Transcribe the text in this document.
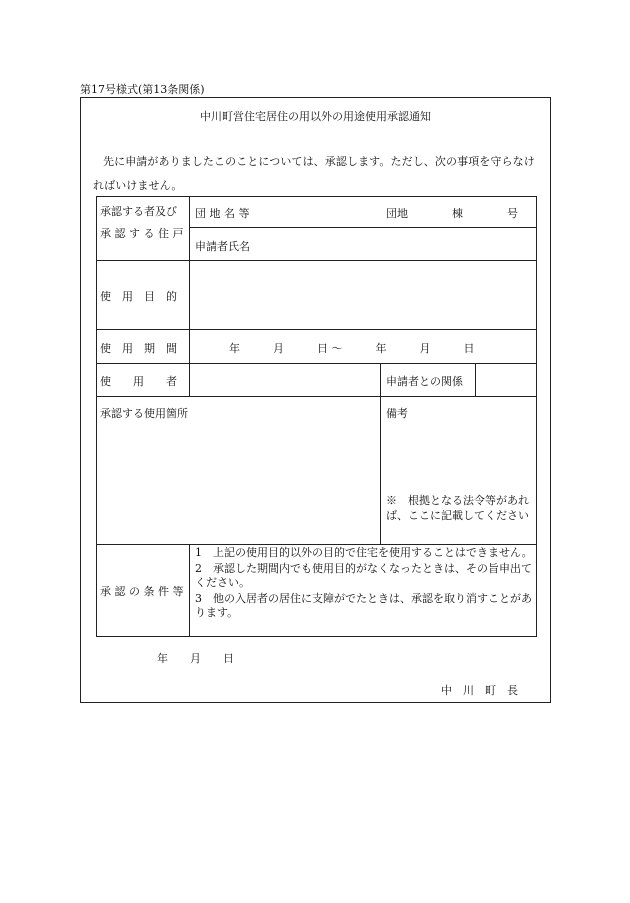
第17号様式(第13条関係)
中川町営住宅居住の用以外の用途使用承認通知
先に申請がありましたこのことについては、承認します。ただし、次の事項を守らなければいけません。
承認する者及び
承 認 す る 住 戸
団 地 名 等	団地　　　　棟　　　　号
申請者氏名
使　用　目　的
使　用　期　間	年　　　月　　　日 〜　　　年　　　月　　　日
使　　用　　者	申請者との関係
承認する使用箇所	備考
※　根拠となる法令等があれば、ここに記載してください
承 認 の 条 件 等
1　上記の使用目的以外の目的で住宅を使用することはできません。
2　承認した期間内でも使用目的がなくなったときは、その旨申出てください。
3　他の入居者の居住に支障がでたときは、承認を取り消すことがあります。
年　　月　　日
中　川　町　長
